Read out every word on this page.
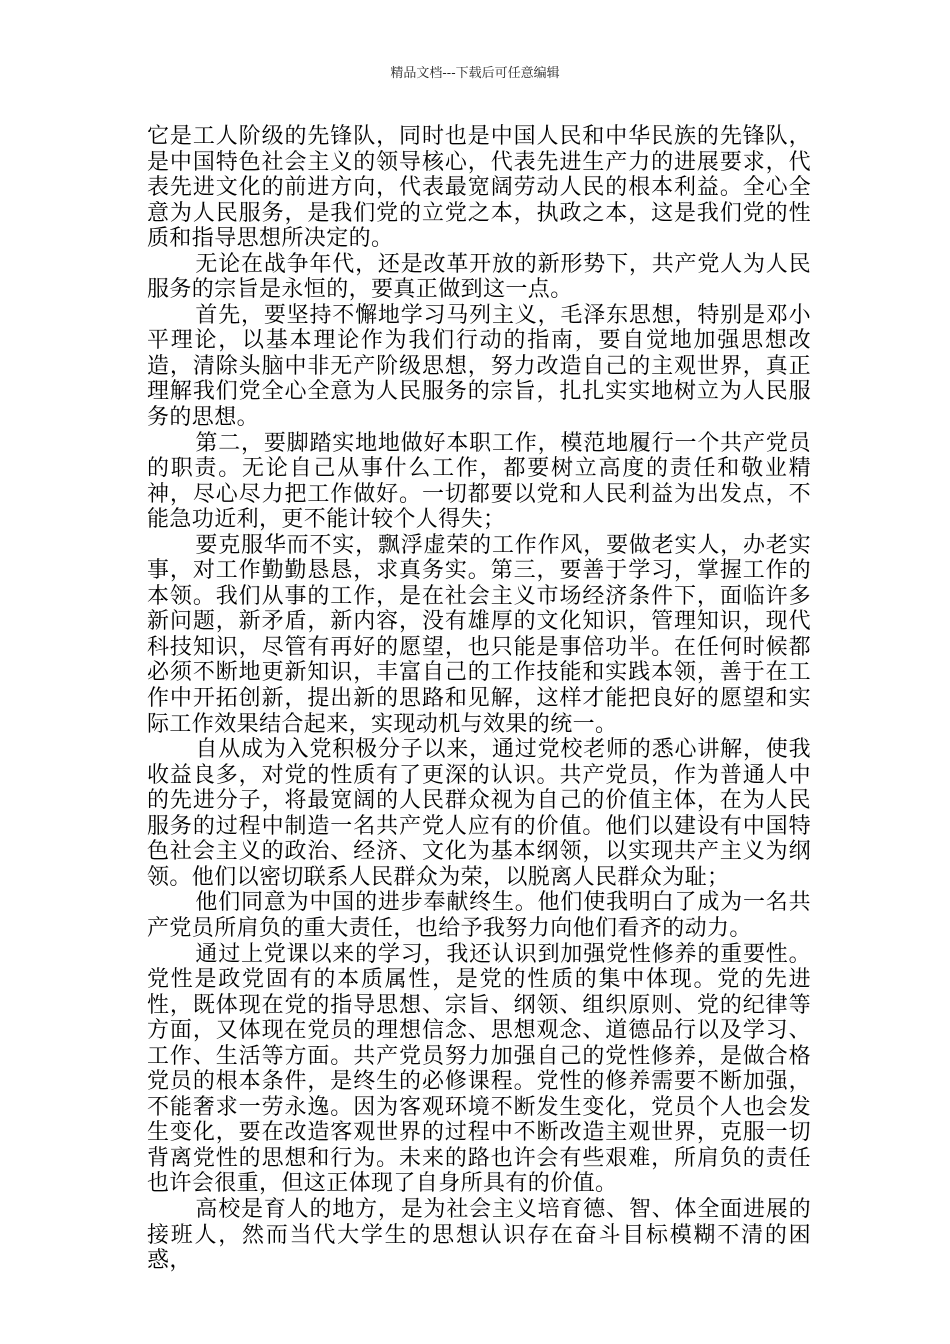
精品文档---下载后可任意编辑

它是工人阶级的先锋队，同时也是中国人民和中华民族的先锋队，是中国特色社会主义的领导核心，代表先进生产力的进展要求，代表先进文化的前进方向，代表最宽阔劳动人民的根本利益。全心全意为人民服务，是我们党的立党之本，执政之本，这是我们党的性质和指导思想所决定的。

无论在战争年代，还是改革开放的新形势下，共产党人为人民服务的宗旨是永恒的，要真正做到这一点。

首先，要坚持不懈地学习马列主义，毛泽东思想，特别是邓小平理论，以基本理论作为我们行动的指南，要自觉地加强思想改造，清除头脑中非无产阶级思想，努力改造自己的主观世界，真正理解我们党全心全意为人民服务的宗旨，扎扎实实地树立为人民服务的思想。

第二，要脚踏实地地做好本职工作，模范地履行一个共产党员的职责。无论自己从事什么工作，都要树立高度的责任和敬业精神，尽心尽力把工作做好。一切都要以党和人民利益为出发点，不能急功近利，更不能计较个人得失；

要克服华而不实，飘浮虚荣的工作作风，要做老实人，办老实事，对工作勤勤恳恳，求真务实。第三，要善于学习，掌握工作的本领。我们从事的工作，是在社会主义市场经济条件下，面临许多新问题，新矛盾，新内容，没有雄厚的文化知识，管理知识，现代科技知识，尽管有再好的愿望，也只能是事倍功半。在任何时候都必须不断地更新知识，丰富自己的工作技能和实践本领，善于在工作中开拓创新，提出新的思路和见解，这样才能把良好的愿望和实际工作效果结合起来，实现动机与效果的统一。

自从成为入党积极分子以来，通过党校老师的悉心讲解，使我收益良多，对党的性质有了更深的认识。共产党员，作为普通人中的先进分子，将最宽阔的人民群众视为自己的价值主体，在为人民服务的过程中制造一名共产党人应有的价值。他们以建设有中国特色社会主义的政治、经济、文化为基本纲领，以实现共产主义为纲领。他们以密切联系人民群众为荣，以脱离人民群众为耻；

他们同意为中国的进步奉献终生。他们使我明白了成为一名共产党员所肩负的重大责任，也给予我努力向他们看齐的动力。

通过上党课以来的学习，我还认识到加强党性修养的重要性。党性是政党固有的本质属性，是党的性质的集中体现。党的先进性，既体现在党的指导思想、宗旨、纲领、组织原则、党的纪律等方面，又体现在党员的理想信念、思想观念、道德品行以及学习、工作、生活等方面。共产党员努力加强自己的党性修养，是做合格党员的根本条件，是终生的必修课程。党性的修养需要不断加强，不能奢求一劳永逸。因为客观环境不断发生变化，党员个人也会发生变化，要在改造客观世界的过程中不断改造主观世界，克服一切背离党性的思想和行为。未来的路也许会有些艰难，所肩负的责任也许会很重，但这正体现了自身所具有的价值。

高校是育人的地方，是为社会主义培育德、智、体全面进展的接班人，然而当代大学生的思想认识存在奋斗目标模糊不清的困惑，
